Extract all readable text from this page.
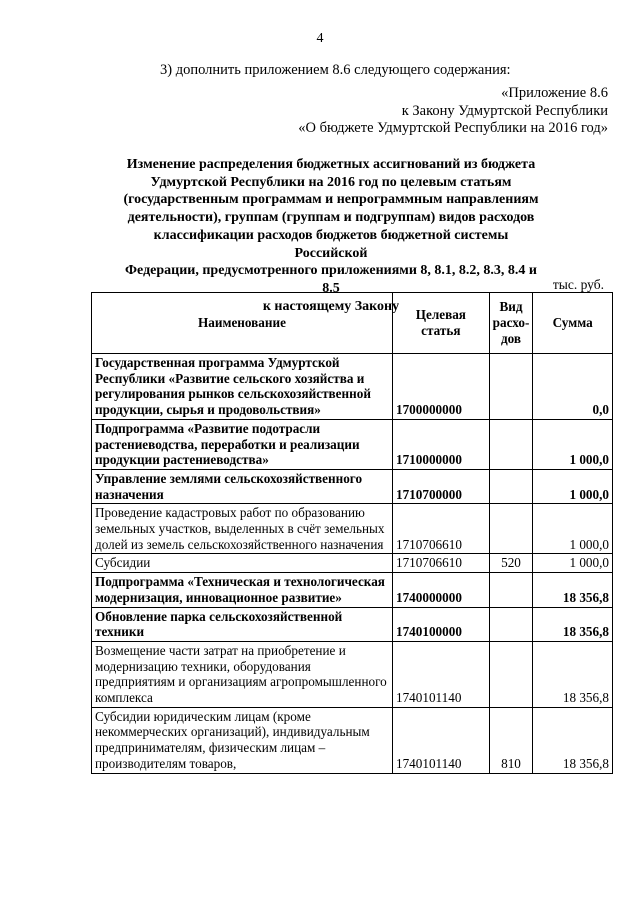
4
3) дополнить приложением 8.6 следующего содержания:
«Приложение 8.6
к Закону Удмуртской Республики
«О бюджете Удмуртской Республики на 2016 год»
Изменение распределения бюджетных ассигнований из бюджета
Удмуртской Республики на 2016 год по целевым статьям
(государственным программам и непрограммным направлениям
деятельности), группам (группам и подгруппам) видов расходов
классификации расходов бюджетов бюджетной системы Российской
Федерации, предусмотренного приложениями 8, 8.1, 8.2, 8.3, 8.4 и 8.5
к настоящему Закону
тыс. руб.
Наименование	Целевая статья	Вид расхо-дов	Сумма
Государственная программа Удмуртской Республики «Развитие сельского хозяйства и регулирования рынков сельскохозяйственной продукции, сырья и продовольствия»	1700000000		0,0
Подпрограмма «Развитие подотрасли растениеводства, переработки и реализации продукции растениеводства»	1710000000		1 000,0
Управление землями сельскохозяйственного назначения	1710700000		1 000,0
Проведение кадастровых работ по образованию земельных участков, выделенных в счёт земельных долей из земель сельскохозяйственного назначения	1710706610		1 000,0
Субсидии	1710706610	520	1 000,0
Подпрограмма «Техническая и технологическая модернизация, инновационное развитие»	1740000000		18 356,8
Обновление парка сельскохозяйственной техники	1740100000		18 356,8
Возмещение части затрат на приобретение и модернизацию техники, оборудования предприятиям и организациям агропромышленного комплекса	1740101140		18 356,8
Субсидии юридическим лицам (кроме некоммерческих организаций), индивидуальным предпринимателям, физическим лицам – производителям товаров,	1740101140	810	18 356,8
